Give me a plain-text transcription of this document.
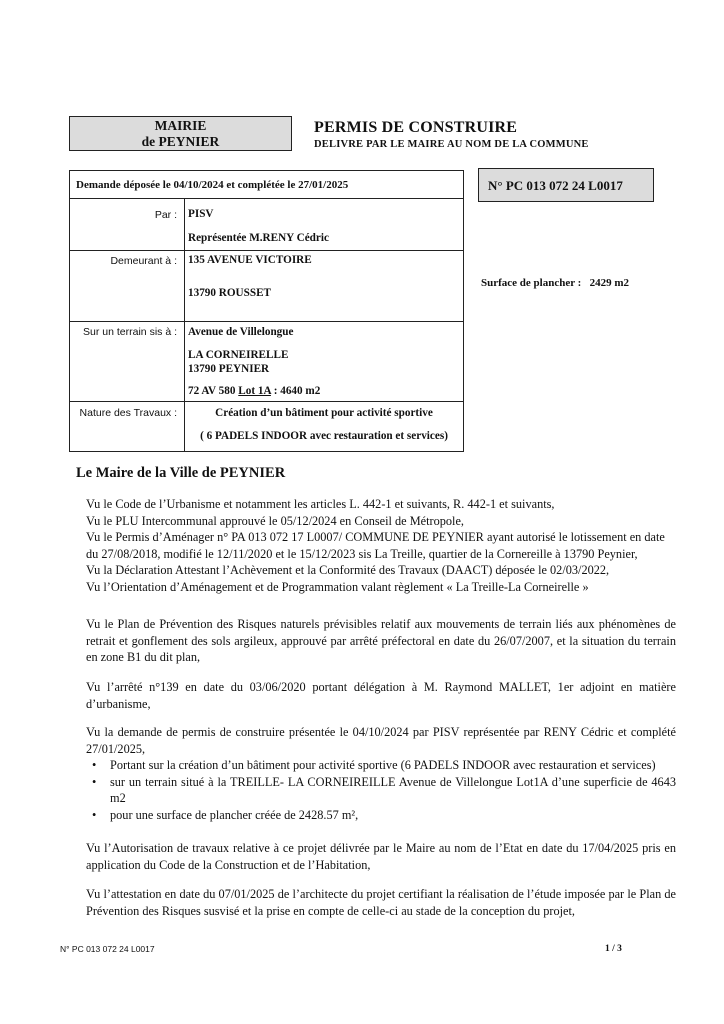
MAIRIE
de PEYNIER
PERMIS DE CONSTRUIRE
DELIVRE PAR LE MAIRE AU NOM DE LA COMMUNE
Demande déposée le 04/10/2024 et complétée le 27/01/2025
Par : PISV
Représentée M.RENY Cédric
Demeurant à : 135 AVENUE VICTOIRE
13790 ROUSSET
Sur un terrain sis à : Avenue de Villelongue
LA CORNEIRELLE
13790 PEYNIER
72 AV 580 Lot 1A : 4640 m2
Nature des Travaux :	Création d’un bâtiment pour activité sportive
( 6 PADELS INDOOR avec restauration et services)
N° PC 013 072 24 L0017
Surface de plancher : 2429 m2
Le Maire de la Ville de PEYNIER

Vu le Code de l’Urbanisme et notamment les articles L. 442-1 et suivants, R. 442-1 et suivants,

Vu le PLU Intercommunal approuvé le 05/12/2024 en Conseil de Métropole,

Vu le Permis d’Aménager n° PA 013 072 17 L0007/ COMMUNE DE PEYNIER ayant autorisé le lotissement en date du 27/08/2018, modifié le 12/11/2020 et le 15/12/2023 sis La Treille, quartier de la Cornereille à 13790 Peynier,

Vu la Déclaration Attestant l’Achèvement et la Conformité des Travaux (DAACT) déposée le 02/03/2022,

Vu l’Orientation d’Aménagement et de Programmation valant règlement « La Treille-La Corneirelle »

Vu le Plan de Prévention des Risques naturels prévisibles relatif aux mouvements de terrain liés aux phénomènes de retrait et gonflement des sols argileux, approuvé par arrêté préfectoral en date du 26/07/2007, et la situation du terrain en zone B1 du dit plan,
Vu l’arrêté n°139 en date du 03/06/2020 portant délégation à M. Raymond MALLET, 1er adjoint en matière d’urbanisme,

Vu la demande de permis de construire présentée le 04/10/2024 par PISV représentée par RENY Cédric et complété 27/01/2025,

• Portant sur la création d’un bâtiment pour activité sportive (6 PADELS INDOOR avec restauration et services)
• sur un terrain situé à la TREILLE- LA CORNEIREILLE Avenue de Villelongue Lot1A d’une superficie de 4643 m2
• pour une surface de plancher créée de 2428.57 m²,
Vu l’Autorisation de travaux relative à ce projet délivrée par le Maire au nom de l’Etat en date du 17/04/2025 pris en application du Code de la Construction et de l’Habitation,
Vu l’attestation en date du 07/01/2025 de l’architecte du projet certifiant la réalisation de l’étude imposée par le Plan de Prévention des Risques susvisé et la prise en compte de celle-ci au stade de la conception du projet,
N° PC 013 072 24 L0017	1 / 3
